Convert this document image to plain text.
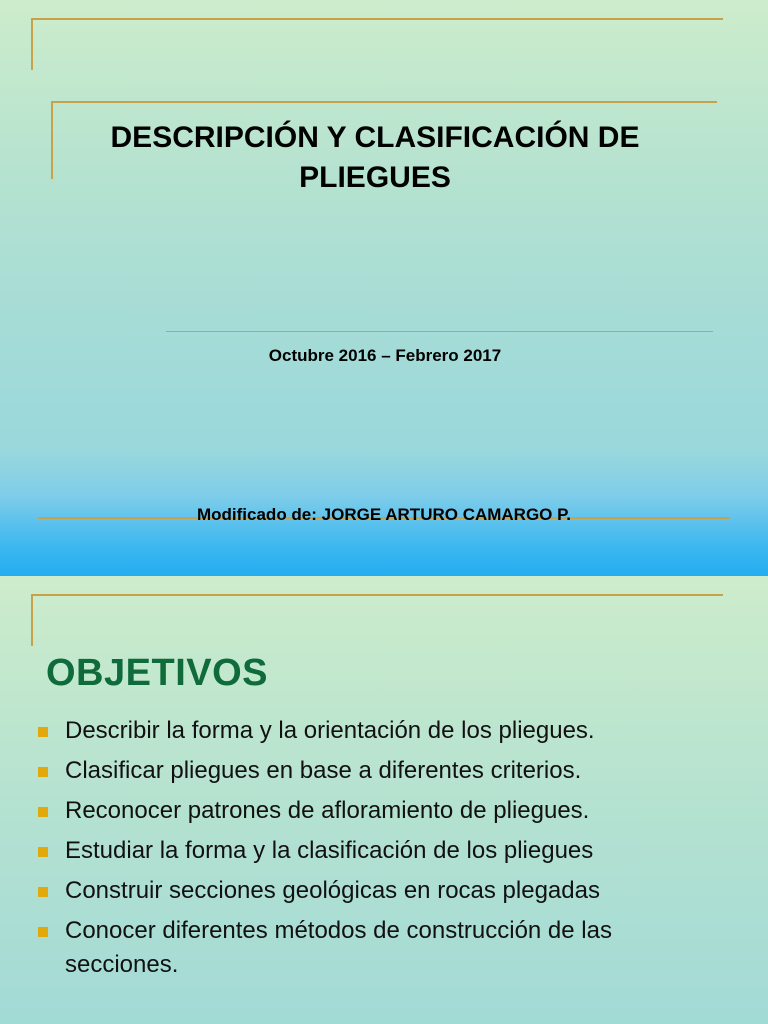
DESCRIPCIÓN Y CLASIFICACIÓN DE PLIEGUES
Octubre 2016 – Febrero 2017
Modificado de: JORGE ARTURO CAMARGO P.
OBJETIVOS
Describir la forma y la orientación de los pliegues.
Clasificar pliegues en base a diferentes criterios.
Reconocer patrones de afloramiento de pliegues.
Estudiar la forma y la clasificación de los pliegues
Construir secciones geológicas en rocas plegadas
Conocer diferentes métodos de construcción de las secciones.
